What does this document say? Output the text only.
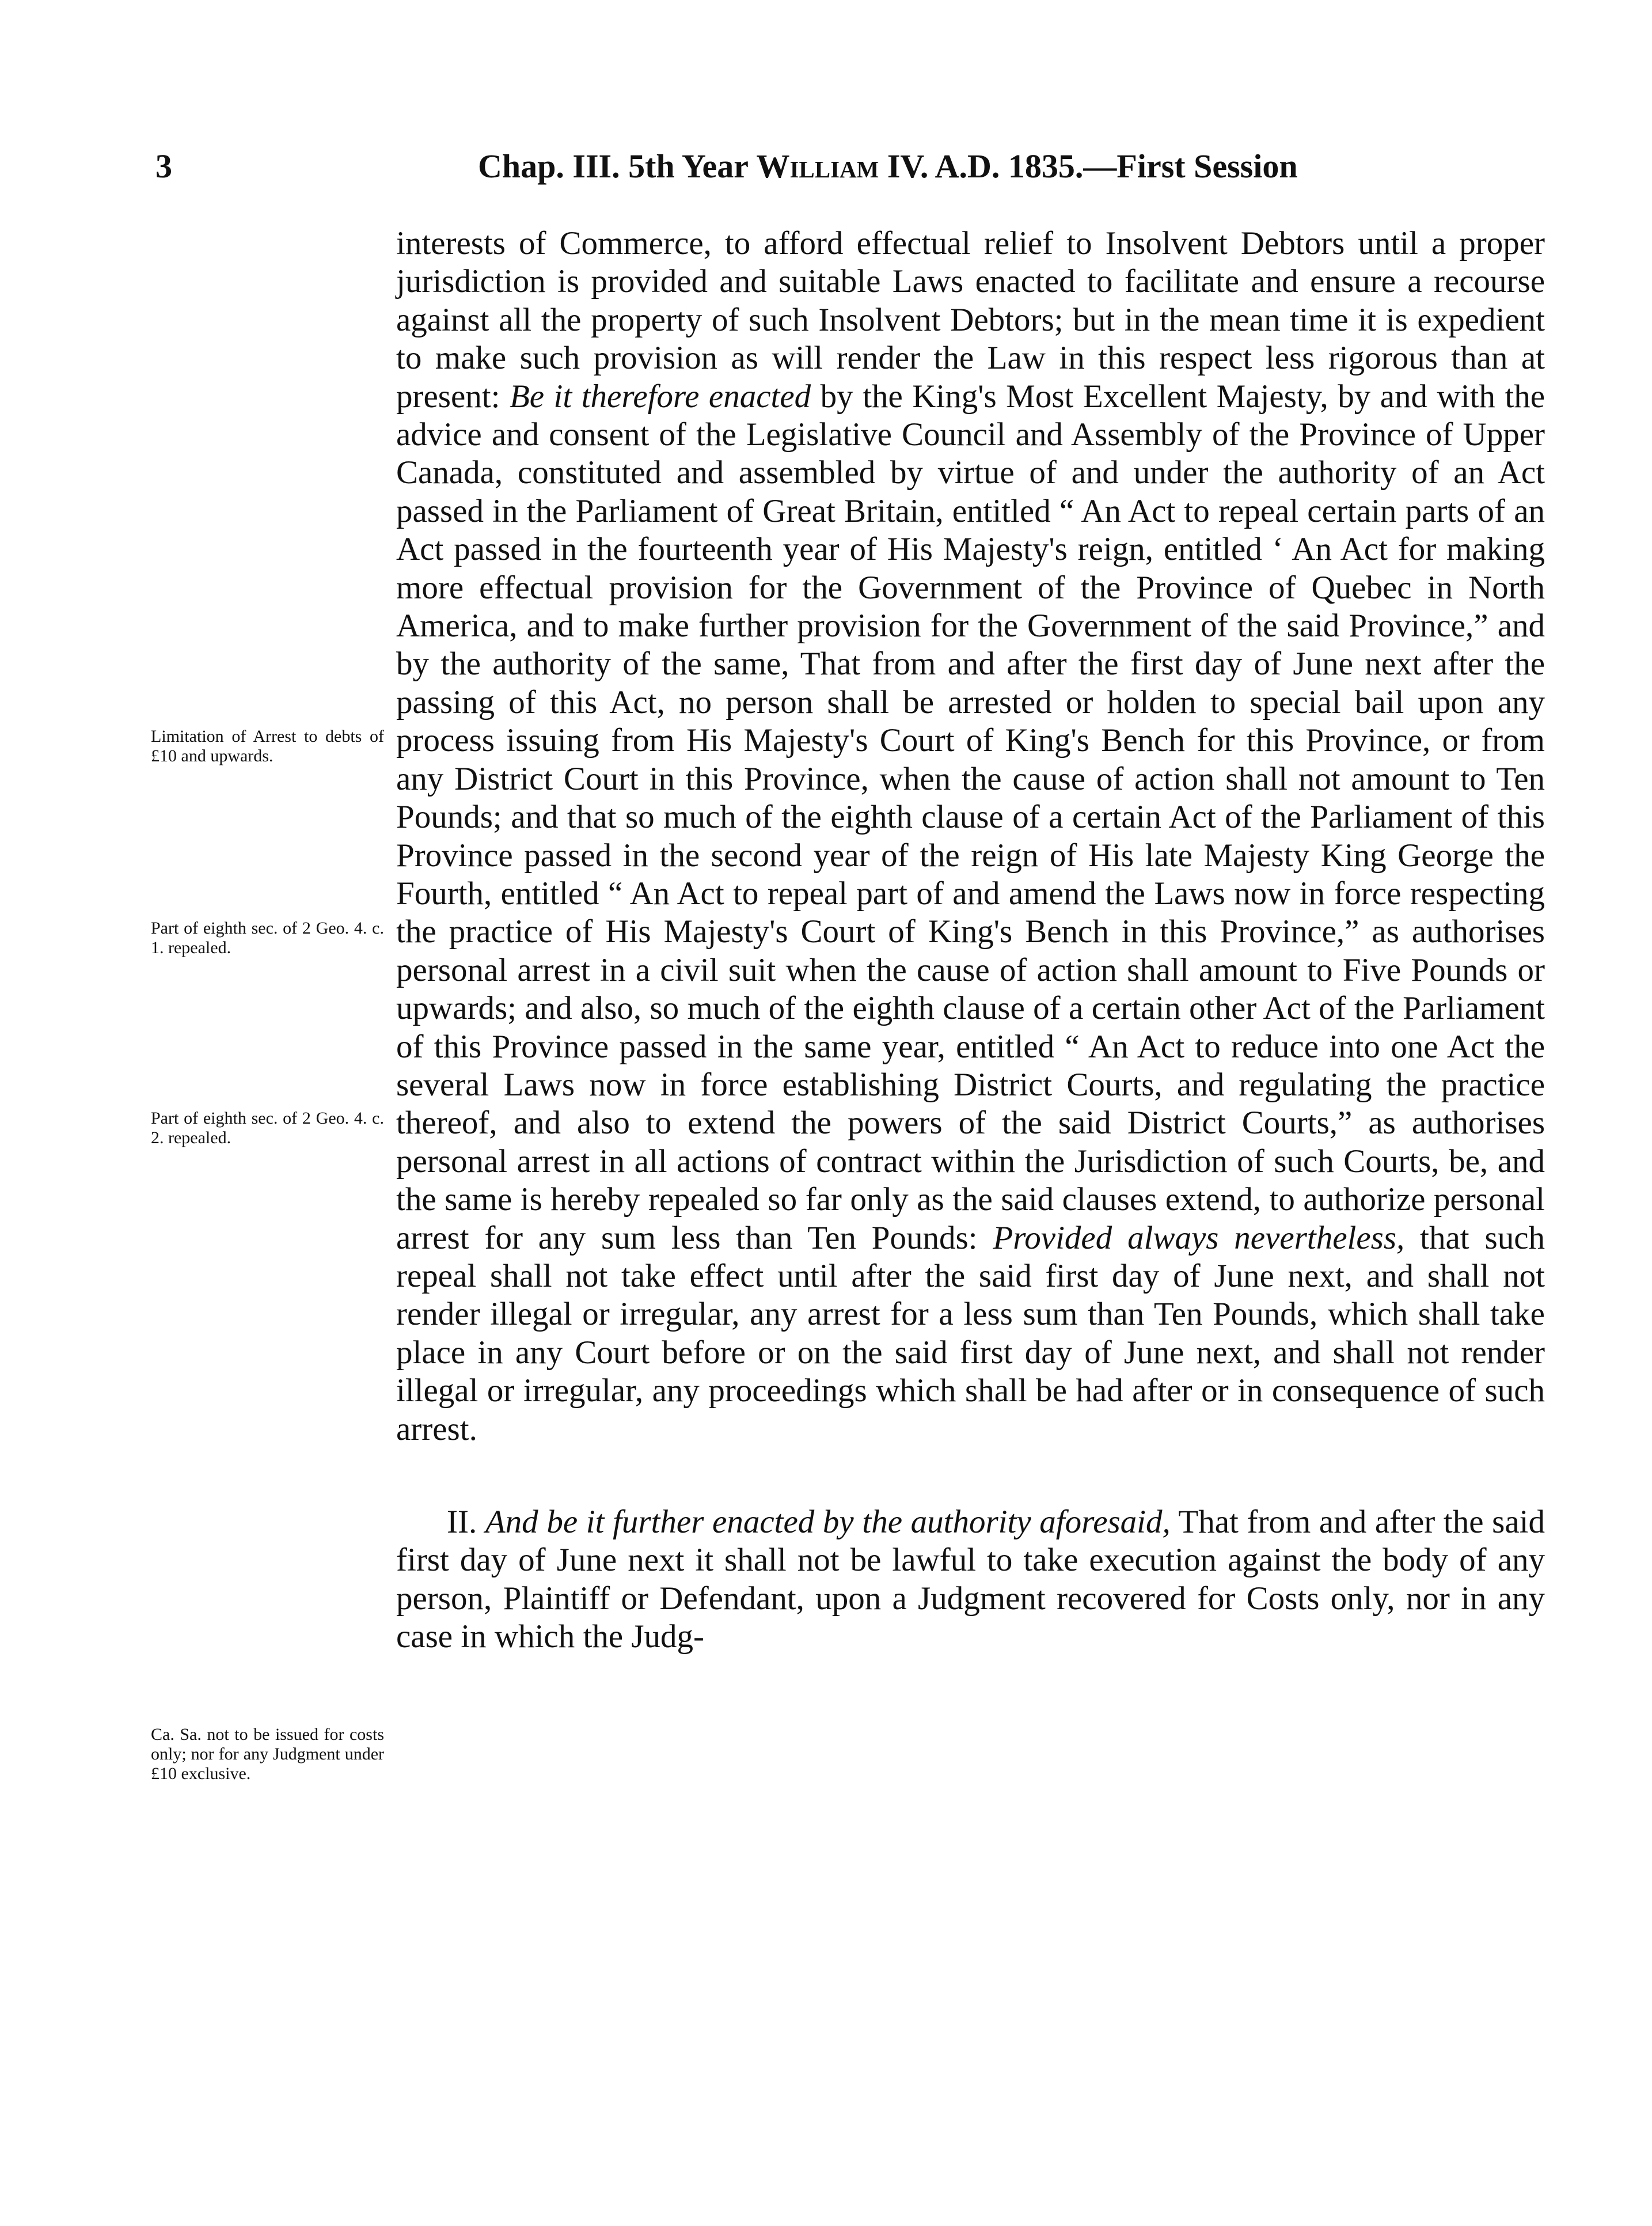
3	Chap. III. 5th Year William IV. A.D. 1835.—First Session
Limitation of Arrest to debts of £10 and upwards.
Part of eighth sec. of 2 Geo. 4. c. 1. repealed.
Part of eighth sec. of 2 Geo. 4. c. 2. repealed.
Ca. Sa. not to be issued for costs only; nor for any Judgment under £10 exclusive.

interests of Commerce, to afford effectual relief to Insolvent Debtors until a proper jurisdiction is provided and suitable Laws enacted to facilitate and ensure a recourse against all the property of such Insolvent Debtors; but in the mean time it is expedient to make such provision as will render the Law in this respect less rigorous than at present: Be it therefore enacted by the King's Most Excellent Majesty, by and with the advice and consent of the Legislative Council and Assembly of the Province of Upper Canada, constituted and assembled by virtue of and under the authority of an Act passed in the Parliament of Great Britain, entitled “ An Act to repeal certain parts of an Act passed in the fourteenth year of His Majesty's reign, entitled ‘ An Act for making more effectual provision for the Government of the Province of Quebec in North America, and to make further provision for the Government of the said Province,” and by the authority of the same, That from and after the first day of June next after the passing of this Act, no person shall be arrested or holden to special bail upon any process issuing from His Majesty's Court of King's Bench for this Province, or from any District Court in this Province, when the cause of action shall not amount to Ten Pounds; and that so much of the eighth clause of a certain Act of the Parliament of this Province passed in the second year of the reign of His late Majesty King George the Fourth, entitled “ An Act to repeal part of and amend the Laws now in force respecting the practice of His Majesty's Court of King's Bench in this Province,” as authorises personal arrest in a civil suit when the cause of action shall amount to Five Pounds or upwards; and also, so much of the eighth clause of a certain other Act of the Parliament of this Province passed in the same year, entitled “ An Act to reduce into one Act the several Laws now in force establishing District Courts, and regulating the practice thereof, and also to extend the powers of the said District Courts,” as authorises personal arrest in all actions of contract within the Jurisdiction of such Courts, be, and the same is hereby repealed so far only as the said clauses extend, to authorize personal arrest for any sum less than Ten Pounds: Provided always nevertheless, that such repeal shall not take effect until after the said first day of June next, and shall not render illegal or irregular, any arrest for a less sum than Ten Pounds, which shall take place in any Court before or on the said first day of June next, and shall not render illegal or irregular, any proceedings which shall be had after or in consequence of such arrest.

II. And be it further enacted by the authority aforesaid, That from and after the said first day of June next it shall not be lawful to take execution against the body of any person, Plaintiff or Defendant, upon a Judgment recovered for Costs only, nor in any case in which the Judg-
